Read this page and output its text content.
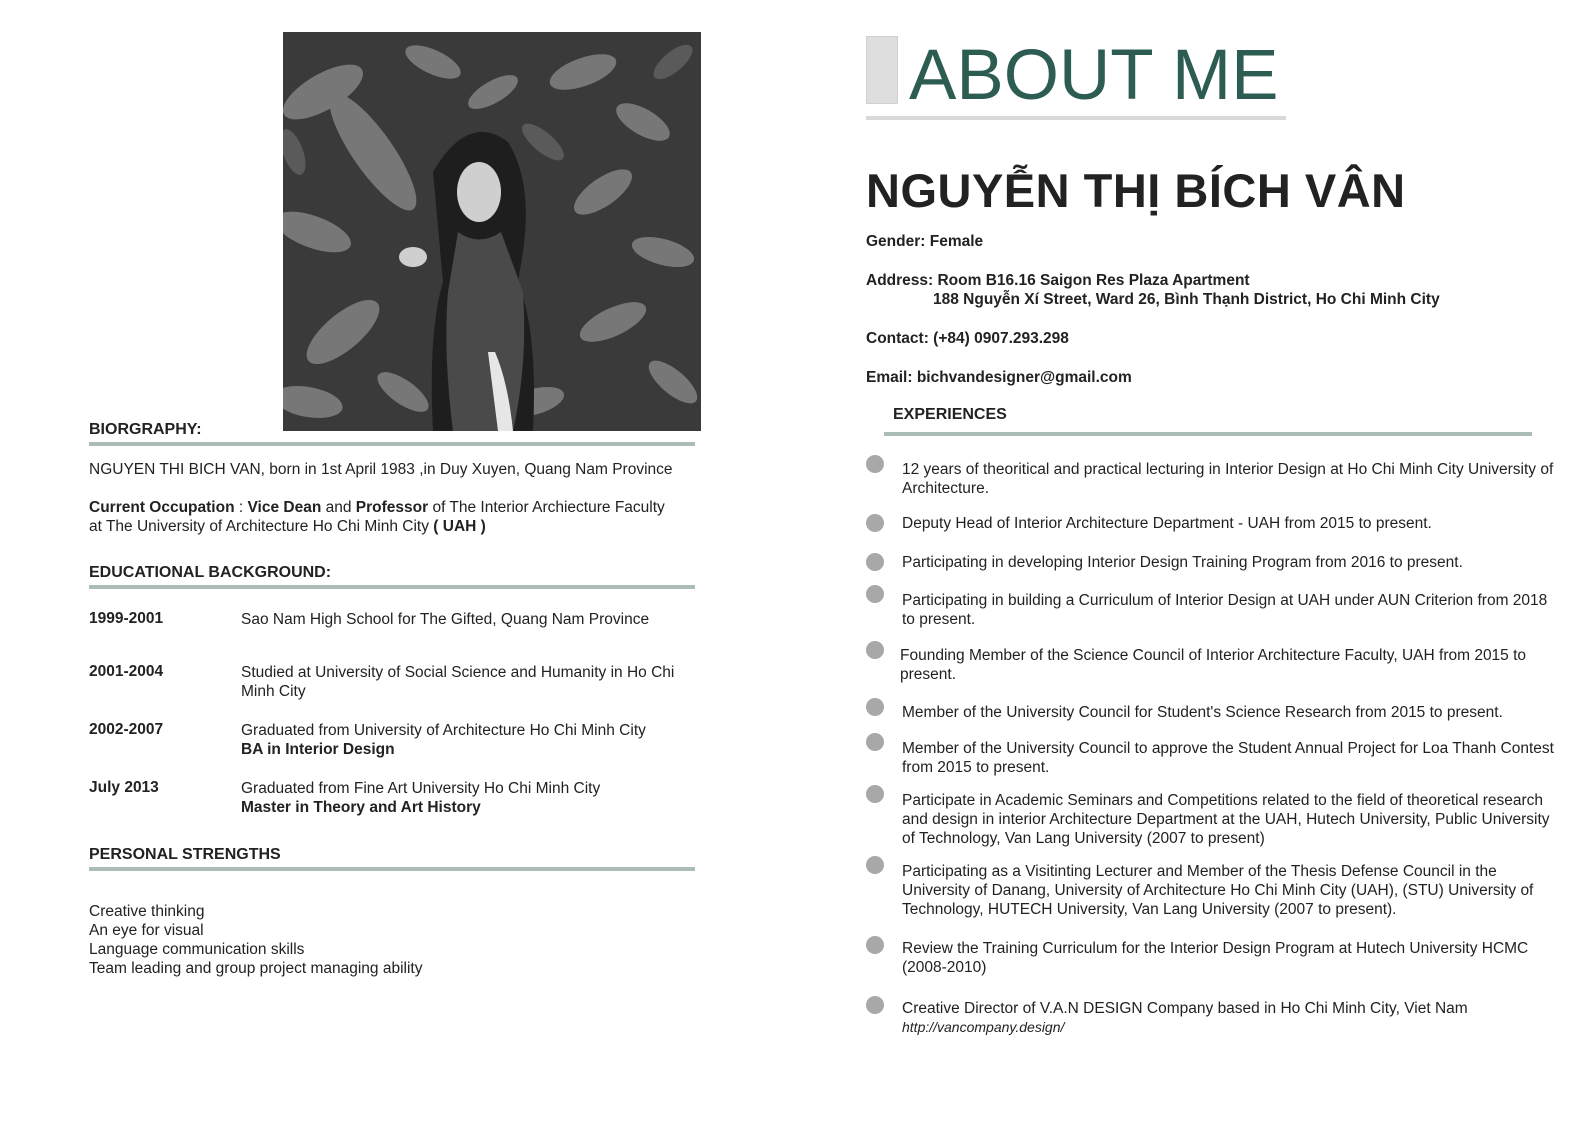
BIORGRAPHY:
NGUYEN THI BICH VAN, born in 1st April 1983 ,in Duy Xuyen, Quang Nam Province
Current Occupation : Vice Dean and Professor of The Interior Archiecture Faculty
at The University of Architecture Ho Chi Minh City ( UAH )
EDUCATIONAL BACKGROUND:
1999-2001	Sao Nam High School for The Gifted, Quang Nam Province
2001-2004	Studied at University of Social Science and Humanity in Ho Chi Minh City
2002-2007	Graduated from University of Architecture Ho Chi Minh City
BA in Interior Design
July 2013	Graduated from Fine Art University Ho Chi Minh City
Master in Theory and Art History
PERSONAL STRENGTHS
Creative thinking
An eye for visual
Language communication skills
Team leading and group project managing ability
ABOUT ME
NGUYỄN THỊ BÍCH VÂN
Gender: Female
Address: Room B16.16 Saigon Res Plaza Apartment
188 Nguyễn Xí Street, Ward 26, Bình Thạnh District, Ho Chi Minh City
Contact: (+84) 0907.293.298
Email: bichvandesigner@gmail.com
EXPERIENCES
12 years of theoritical and practical lecturing in Interior Design at Ho Chi Minh City University of Architecture.
Deputy Head of Interior Architecture Department - UAH from 2015 to present.
Participating in developing Interior Design Training Program from 2016 to present.
Participating in building a Curriculum of Interior Design at UAH under AUN Criterion from 2018 to present.
Founding Member of the Science Council of Interior Architecture Faculty, UAH from 2015 to present.
Member of the University Council for Student's Science Research from 2015 to present.
Member of the University Council to approve the Student Annual Project for Loa Thanh Contest from 2015 to present.
Participate in Academic Seminars and Competitions related to the field of theoretical research and design in interior Architecture Department at the UAH, Hutech University, Public University of Technology, Van Lang University (2007 to present)
Participating as a Visitinting Lecturer and Member of the Thesis Defense Council in the University of Danang, University of Architecture Ho Chi Minh City (UAH), (STU) University of Technology, HUTECH University, Van Lang University (2007 to present).
Review the Training Curriculum for the Interior Design Program at Hutech University HCMC (2008-2010)
Creative Director of V.A.N DESIGN Company based in Ho Chi Minh City, Viet Nam
http://vancompany.design/
